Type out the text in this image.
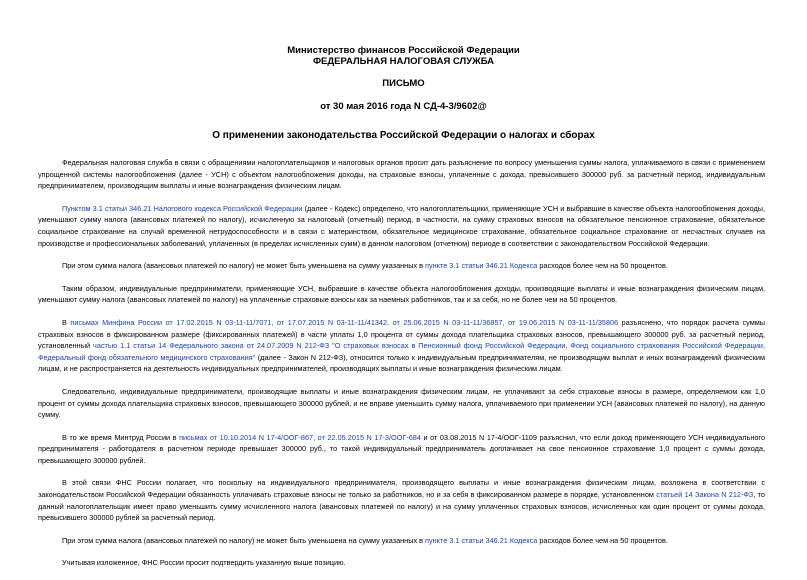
Министерство финансов Российской Федерации
ФЕДЕРАЛЬНАЯ НАЛОГОВАЯ СЛУЖБА
ПИСЬМО
от 30 мая 2016 года N СД-4-3/9602@
О применении законодательства Российской Федерации о налогах и сборах

Федеральная налоговая служба в связи с обращениями налогоплательщиков и налоговых органов просит дать разъяснение по вопросу уменьшения суммы налога, уплачиваемого в связи с применением упрощенной системы налогообложения (далее - УСН) с объектом налогообложения доходы, на страховые взносы, уплаченные с дохода, превысившего 300000 руб. за расчетный период, индивидуальным предпринимателем, производящим выплаты и иные вознаграждения физическим лицам.

Пунктом 3.1 статьи 346.21 Налогового кодекса Российской Федерации (далее - Кодекс) определено, что налогоплательщики, применяющие УСН и выбравшие в качестве объекта налогообложения доходы, уменьшают сумму налога (авансовых платежей по налогу), исчисленную за налоговый (отчетный) период, в частности, на сумму страховых взносов на обязательное пенсионное страхование, обязательное социальное страхование на случай временной нетрудоспособности и в связи с материнством, обязательное медицинское страхование, обязательное социальное страхование от несчастных случаев на производстве и профессиональных заболеваний, уплаченных (в пределах исчисленных сумм) в данном налоговом (отчетном) периоде в соответствии с законодательством Российской Федерации.

При этом сумма налога (авансовых платежей по налогу) не может быть уменьшена на сумму указанных в пункте 3.1 статьи 346.21 Кодекса расходов более чем на 50 процентов.

Таким образом, индивидуальные предприниматели, применяющие УСН, выбравшие в качестве объекта налогообложения доходы, производящие выплаты и иные вознаграждения физическим лицам, уменьшают сумму налога (авансовых платежей по налогу) на уплаченные страховые взносы как за наемных работников, так и за себя, но не более чем на 50 процентов.

В письмах Минфина России от 17.02.2015 N 03-11-11/7071, от 17.07.2015 N 03-11-11/41342, от 25.06.2015 N 03-11-11/36857, от 19.06.2015 N 03-11-11/35806 разъяснено, что порядок расчета суммы страховых взносов в фиксированном размере (фиксированных платежей) в части уплаты 1,0 процента от суммы дохода плательщика страховых взносов, превышающего 300000 руб. за расчетный период, установленный частью 1.1 статьи 14 Федерального закона от 24.07.2009 N 212-ФЗ "О страховых взносах в Пенсионный фонд Российской Федерации, Фонд социального страхования Российской Федерации, Федеральный фонд обязательного медицинского страхования" (далее - Закон N 212-ФЗ), относится только к индивидуальным предпринимателям, не производящим выплат и иных вознаграждений физическим лицам, и не распространяется на деятельность индивидуальных предпринимателей, производящих выплаты и иные вознаграждения физическим лицам.

Следовательно, индивидуальные предприниматели, производящие выплаты и иные вознаграждения физическим лицам, не уплачивают за себя страховые взносы в размере, определяемом как 1,0 процент от суммы дохода плательщика страховых взносов, превышающего 300000 рублей, и не вправе уменьшить сумму налога, уплачиваемого при применении УСН (авансовых платежей по налогу), на данную сумму.

В то же время Минтруд России в письмах от 10.10.2014 N 17-4/ООГ-867, от 22.05.2015 N 17-3/ООГ-684 и от 03.08.2015 N 17-4/ООГ-1109 разъяснил, что если доход применяющего УСН индивидуального предпринимателя - работодателя в расчетном периоде превышает 300000 руб., то такой индивидуальный предприниматель доплачивает на свое пенсионное страхование 1,0 процент с суммы дохода, превышающего 300000 рублей.

В этой связи ФНС России полагает, что поскольку на индивидуального предпринимателя, производящего выплаты и иные вознаграждения физическим лицам, возложена в соответствии с законодательством Российской Федерации обязанность уплачивать страховые взносы не только за работников, но и за себя в фиксированном размере в порядке, установленном статьей 14 Закона N 212-ФЗ, то данный налогоплательщик имеет право уменьшить сумму исчисленного налога (авансовых платежей по налогу) и на сумму уплаченных страховых взносов, исчисленных как один процент от суммы дохода, превысившего 300000 рублей за расчетный период.

При этом сумма налога (авансовых платежей по налогу) не может быть уменьшена на сумму указанных в пункте 3.1 статьи 346.21 Кодекса расходов более чем на 50 процентов.

Учитывая изложенное, ФНС России просит подтвердить указанную выше позицию.
